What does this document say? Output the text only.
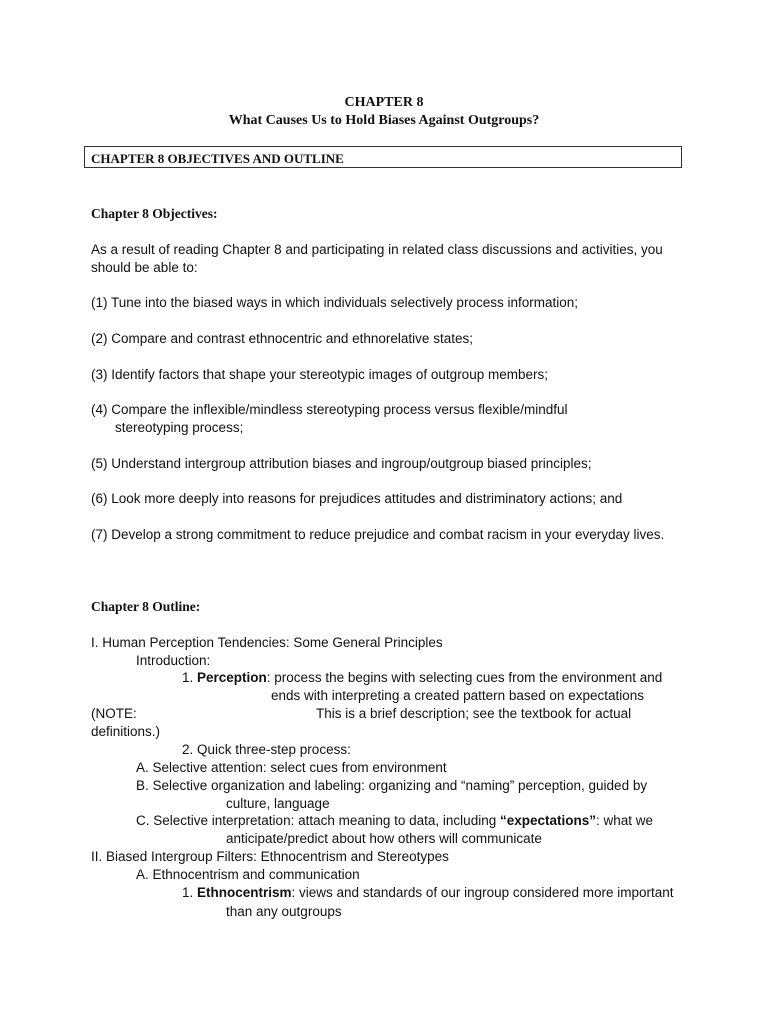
CHAPTER 8
What Causes Us to Hold Biases Against Outgroups?
CHAPTER 8 OBJECTIVES AND OUTLINE
Chapter 8 Objectives:
As a result of reading Chapter 8 and participating in related class discussions and activities, you
should be able to:
(1) Tune into the biased ways in which individuals selectively process information;
(2) Compare and contrast ethnocentric and ethnorelative states;
(3) Identify factors that shape your stereotypic images of outgroup members;
(4) Compare the inflexible/mindless stereotyping process versus flexible/mindful
stereotyping process;
(5) Understand intergroup attribution biases and ingroup/outgroup biased principles;
(6) Look more deeply into reasons for prejudices attitudes and distriminatory actions; and
(7) Develop a strong commitment to reduce prejudice and combat racism in your everyday lives.
Chapter 8 Outline:
I. Human Perception Tendencies: Some General Principles
Introduction:
1. Perception: process the begins with selecting cues from the environment and
ends with interpreting a created pattern based on expectations
(NOTE:	This is a brief description; see the textbook for actual
definitions.)
2. Quick three-step process:
A. Selective attention: select cues from environment
B. Selective organization and labeling: organizing and “naming” perception, guided by
culture, language
C. Selective interpretation: attach meaning to data, including “expectations”: what we
anticipate/predict about how others will communicate
II. Biased Intergroup Filters: Ethnocentrism and Stereotypes
A. Ethnocentrism and communication
1. Ethnocentrism: views and standards of our ingroup considered more important
than any outgroups
